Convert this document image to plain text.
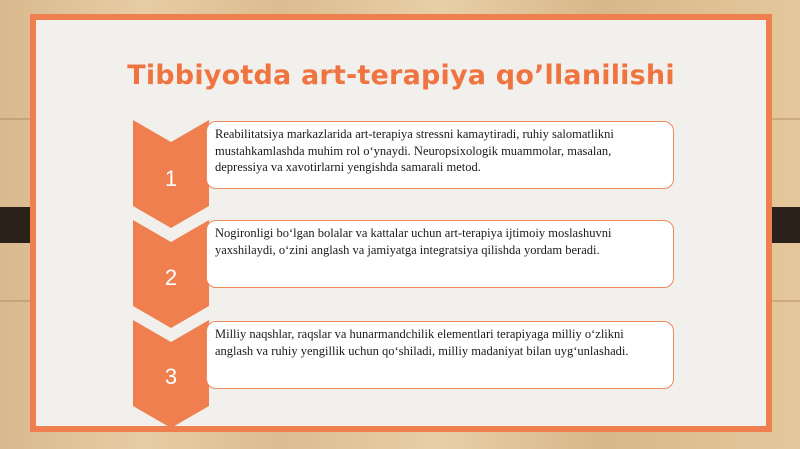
Tibbiyotda art-terapiya qo’llanilishi
1
Reabilitatsiya markazlarida art-terapiya stressni kamaytiradi, ruhiy salomatlikni mustahkamlashda muhim rol o‘ynaydi. Neuropsixologik muammolar, masalan, depressiya va xavotirlarni yengishda samarali metod.
2
Nogironligi bo‘lgan bolalar va kattalar uchun art-terapiya ijtimoiy moslashuvni yaxshilaydi, o‘zini anglash va jamiyatga integratsiya qilishda yordam beradi.
3
Milliy naqshlar, raqslar va hunarmandchilik elementlari terapiyaga milliy o‘zlikni anglash va ruhiy yengillik uchun qo‘shiladi, milliy madaniyat bilan uyg‘unlashadi.
